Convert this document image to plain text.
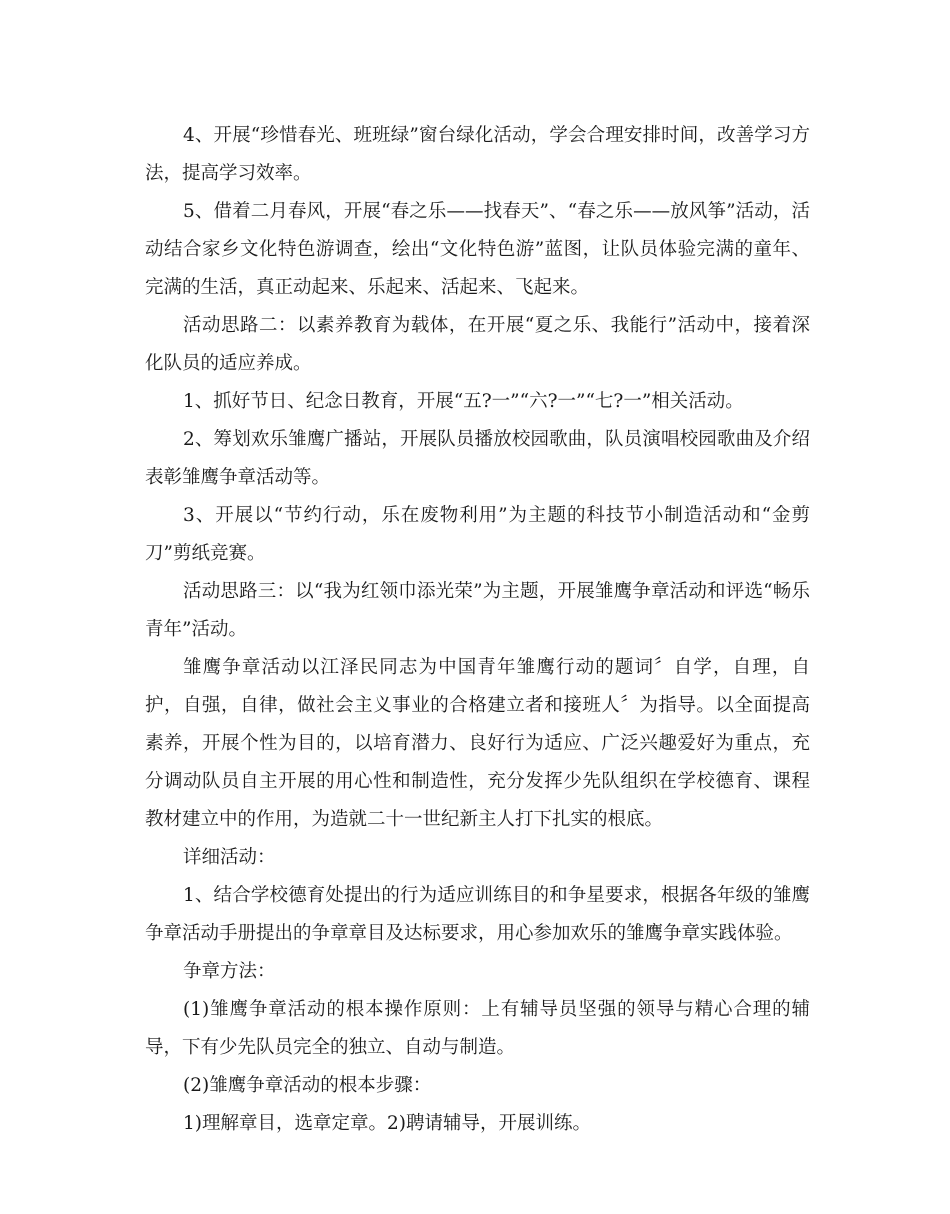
4、开展“珍惜春光、班班绿”窗台绿化活动，学会合理安排时间，改善学习方法，提高学习效率。

5、借着二月春风，开展“春之乐——找春天”、“春之乐——放风筝”活动，活动结合家乡文化特色游调查，绘出“文化特色游”蓝图，让队员体验完满的童年、完满的生活，真正动起来、乐起来、活起来、飞起来。

活动思路二：以素养教育为载体，在开展“夏之乐、我能行”活动中，接着深化队员的适应养成。

1、抓好节日、纪念日教育，开展“五?一”“六?一”“七?一”相关活动。

2、筹划欢乐雏鹰广播站，开展队员播放校园歌曲，队员演唱校园歌曲及介绍表彰雏鹰争章活动等。

3、开展以“节约行动，乐在废物利用”为主题的科技节小制造活动和“金剪刀”剪纸竞赛。

活动思路三：以“我为红领巾添光荣”为主题，开展雏鹰争章活动和评选“畅乐青年”活动。

雏鹰争章活动以江泽民同志为中国青年雏鹰行动的题词〞自学，自理，自护，自强，自律，做社会主义事业的合格建立者和接班人〞为指导。以全面提高素养，开展个性为目的，以培育潜力、良好行为适应、广泛兴趣爱好为重点，充分调动队员自主开展的用心性和制造性，充分发挥少先队组织在学校德育、课程教材建立中的作用，为造就二十一世纪新主人打下扎实的根底。

详细活动：

1、结合学校德育处提出的行为适应训练目的和争星要求，根据各年级的雏鹰争章活动手册提出的争章章目及达标要求，用心参加欢乐的雏鹰争章实践体验。

争章方法：

(1)雏鹰争章活动的根本操作原则：上有辅导员坚强的领导与精心合理的辅导，下有少先队员完全的独立、自动与制造。

(2)雏鹰争章活动的根本步骤：

1)理解章目，选章定章。2)聘请辅导，开展训练。
